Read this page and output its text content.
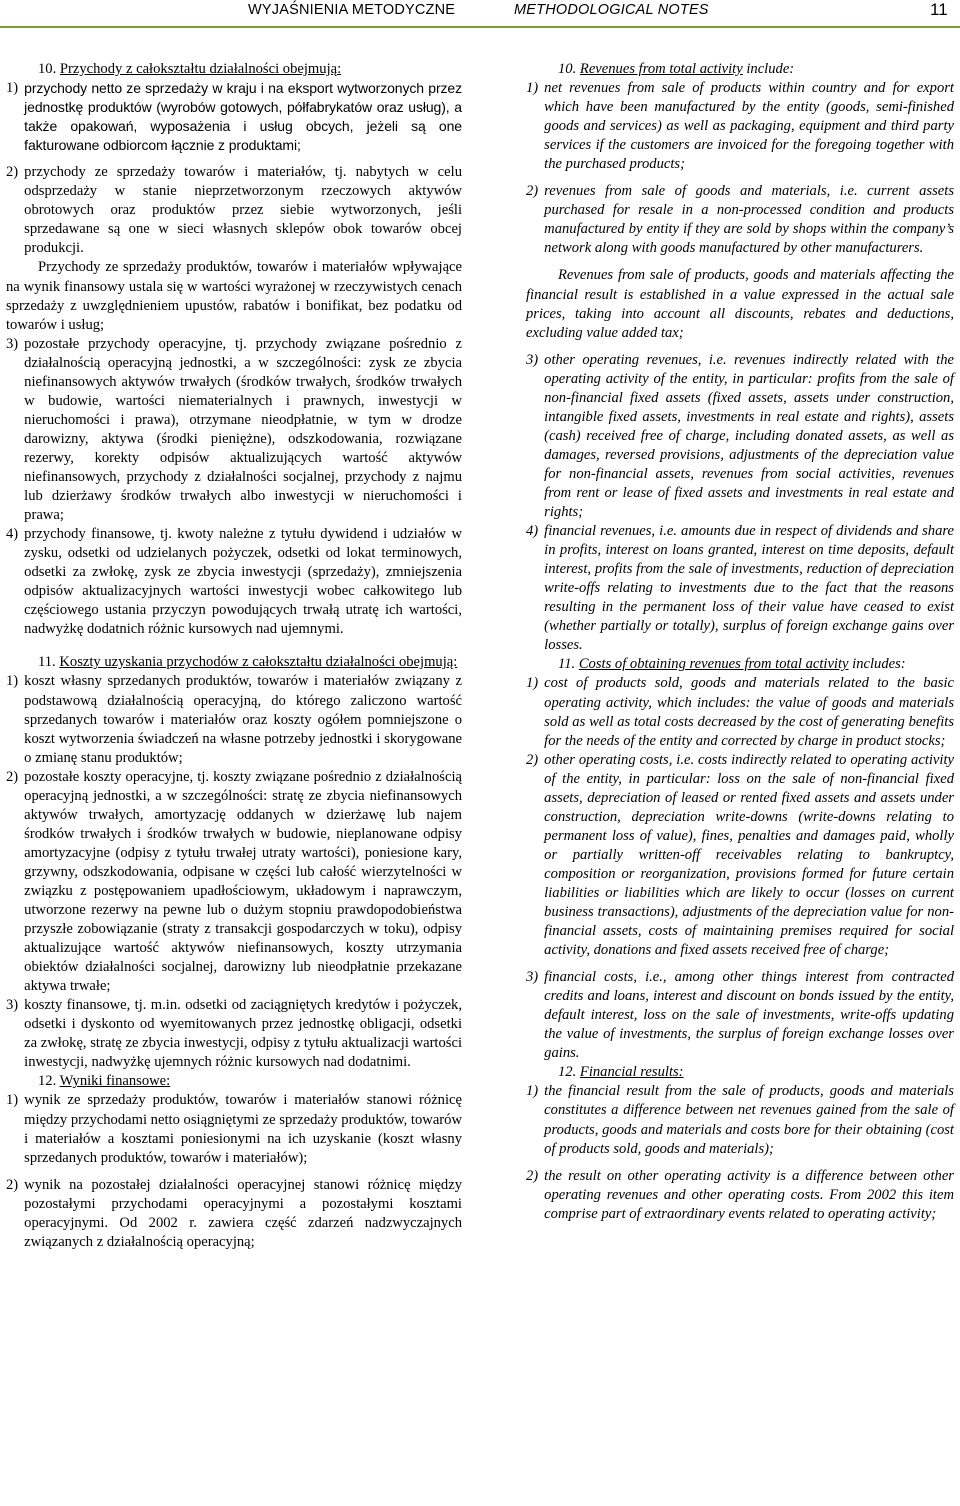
WYJAŚNIENIA METODYCZNE	METHODOLOGICAL NOTES	11

10. Przychody z całokształtu działalności obejmują:

1) przychody netto ze sprzedaży w kraju i na eksport wytworzonych przez jednostkę produktów (wyrobów gotowych, półfabrykatów oraz usług), a także opakowań, wyposażenia i usług obcych, jeżeli są one fakturowane odbiorcom łącznie z produktami;
2) przychody ze sprzedaży towarów i materiałów, tj. nabytych w celu odsprzedaży w stanie nieprzetworzonym rzeczowych aktywów obrotowych oraz produktów przez siebie wytworzonych, jeśli sprzedawane są one w sieci własnych sklepów obok towarów obcej produkcji.

Przychody ze sprzedaży produktów, towarów i materiałów wpływające na wynik finansowy ustala się w wartości wyrażonej w rzeczywistych cenach sprzedaży z uwzględnieniem upustów, rabatów i bonifikat, bez podatku od towarów i usług;

3) pozostałe przychody operacyjne, tj. przychody związane pośrednio z działalnością operacyjną jednostki, a w szczególności: zysk ze zbycia niefinansowych aktywów trwałych (środków trwałych, środków trwałych w budowie, wartości niematerialnych i prawnych, inwestycji w nieruchomości i prawa), otrzymane nieodpłatnie, w tym w drodze darowizny, aktywa (środki pieniężne), odszkodowania, rozwiązane rezerwy, korekty odpisów aktualizujących wartość aktywów niefinansowych, przychody z działalności socjalnej, przychody z najmu lub dzierżawy środków trwałych albo inwestycji w nieruchomości i prawa;
4) przychody finansowe, tj. kwoty należne z tytułu dywidend i udziałów w zysku, odsetki od udzielanych pożyczek, odsetki od lokat terminowych, odsetki za zwłokę, zysk ze zbycia inwestycji (sprzedaży), zmniejszenia odpisów aktualizacyjnych wartości inwestycji wobec całkowitego lub częściowego ustania przyczyn powodujących trwałą utratę ich wartości, nadwyżkę dodatnich różnic kursowych nad ujemnymi.

11. Koszty uzyskania przychodów z całokształtu działalności obejmują:

1) koszt własny sprzedanych produktów, towarów i materiałów związany z podstawową działalnością operacyjną, do którego zaliczono wartość sprzedanych towarów i materiałów oraz koszty ogółem pomniejszone o koszt wytworzenia świadczeń na własne potrzeby jednostki i skorygowane o zmianę stanu produktów;
2) pozostałe koszty operacyjne, tj. koszty związane pośrednio z działalnością operacyjną jednostki, a w szczególności: stratę ze zbycia niefinansowych aktywów trwałych, amortyzację oddanych w dzierżawę lub najem środków trwałych i środków trwałych w budowie, nieplanowane odpisy amortyzacyjne (odpisy z tytułu trwałej utraty wartości), poniesione kary, grzywny, odszkodowania, odpisane w części lub całość wierzytelności w związku z postępowaniem upadłościowym, układowym i naprawczym, utworzone rezerwy na pewne lub o dużym stopniu prawdopodobieństwa przyszłe zobowiązanie (straty z transakcji gospodarczych w toku), odpisy aktualizujące wartość aktywów niefinansowych, koszty utrzymania obiektów działalności socjalnej, darowizny lub nieodpłatnie przekazane aktywa trwałe;
3) koszty finansowe, tj. m.in. odsetki od zaciągniętych kredytów i pożyczek, odsetki i dyskonto od wyemitowanych przez jednostkę obligacji, odsetki za zwłokę, stratę ze zbycia inwestycji, odpisy z tytułu aktualizacji wartości inwestycji, nadwyżkę ujemnych różnic kursowych nad dodatnimi.

12. Wyniki finansowe:

1) wynik ze sprzedaży produktów, towarów i materiałów stanowi różnicę między przychodami netto osiągniętymi ze sprzedaży produktów, towarów i materiałów a kosztami poniesionymi na ich uzyskanie (koszt własny sprzedanych produktów, towarów i materiałów);
2) wynik na pozostałej działalności operacyjnej stanowi różnicę między pozostałymi przychodami operacyjnymi a pozostałymi kosztami operacyjnymi. Od 2002 r. zawiera część zdarzeń nadzwyczajnych związanych z działalnością operacyjną;

10. Revenues from total activity include:

1) net revenues from sale of products within country and for export which have been manufactured by the entity (goods, semi-finished goods and services) as well as packaging, equipment and third party services if the customers are invoiced for the foregoing together with the purchased products;
2) revenues from sale of goods and materials, i.e. current assets purchased for resale in a non-processed condition and products manufactured by entity if they are sold by shops within the company’s network along with goods manufactured by other manufacturers.

Revenues from sale of products, goods and materials affecting the financial result is established in a value expressed in the actual sale prices, taking into account all discounts, rebates and deductions, excluding value added tax;

3) other operating revenues, i.e. revenues indirectly related with the operating activity of the entity, in particular: profits from the sale of non-financial fixed assets (fixed assets, assets under construction, intangible fixed assets, investments in real estate and rights), assets (cash) received free of charge, including donated assets, as well as damages, reversed provisions, adjustments of the depreciation value for non-financial assets, revenues from social activities, revenues from rent or lease of fixed assets and investments in real estate and rights;
4) financial revenues, i.e. amounts due in respect of dividends and share in profits, interest on loans granted, interest on time deposits, default interest, profits from the sale of investments, reduction of depreciation write-offs relating to investments due to the fact that the reasons resulting in the permanent loss of their value have ceased to exist (whether partially or totally), surplus of foreign exchange gains over losses.

11. Costs of obtaining revenues from total activity includes:

1) cost of products sold, goods and materials related to the basic operating activity, which includes: the value of goods and materials sold as well as total costs decreased by the cost of generating benefits for the needs of the entity and corrected by charge in product stocks;
2) other operating costs, i.e. costs indirectly related to operating activity of the entity, in particular: loss on the sale of non-financial fixed assets, depreciation of leased or rented fixed assets and assets under construction, depreciation write-downs (write-downs relating to permanent loss of value), fines, penalties and damages paid, wholly or partially written-off receivables relating to bankruptcy, composition or reorganization, provisions formed for future certain liabilities or liabilities which are likely to occur (losses on current business transactions), adjustments of the depreciation value for non-financial assets, costs of maintaining premises required for social activity, donations and fixed assets received free of charge;
3) financial costs, i.e., among other things interest from contracted credits and loans, interest and discount on bonds issued by the entity, default interest, loss on the sale of investments, write-offs updating the value of investments, the surplus of foreign exchange losses over gains.

12. Financial results:

1) the financial result from the sale of products, goods and materials constitutes a difference between net revenues gained from the sale of products, goods and materials and costs bore for their obtaining (cost of products sold, goods and materials);
2) the result on other operating activity is a difference between other operating revenues and other operating costs. From 2002 this item comprise part of extraordinary events related to operating activity;
